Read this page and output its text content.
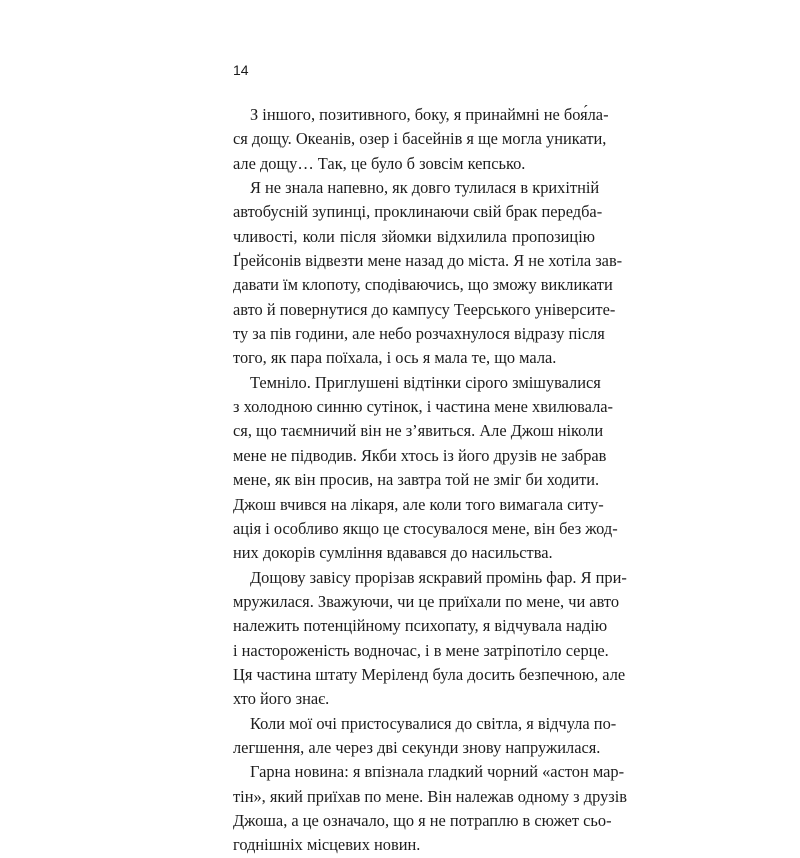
14
З іншого, позитивного, боку, я принаймні не боя́ла-
ся дощу. Океанів, озер і басейнів я ще могла уникати,
але дощу… Так, це було б зовсім кепсько.
Я не знала напевно, як довго тулилася в крихітній
автобусній зупинці, проклинаючи свій брак передба-
чливості, коли після зйомки відхилила пропозицію
Ґрейсонів відвезти мене назад до міста. Я не хотіла зав-
давати їм клопоту, сподіваючись, що зможу викликати
авто й повернутися до кампусу Теерського університе-
ту за пів години, але небо розчахнулося відразу після
того, як пара поїхала, і ось я мала те, що мала.
Темніло. Приглушені відтінки сірого змішувалися
з холодною синню сутінок, і частина мене хвилювала-
ся, що таємничий він не з’явиться. Але Джош ніколи
мене не підводив. Якби хтось із його друзів не забрав
мене, як він просив, на завтра той не зміг би ходити.
Джош вчився на лікаря, але коли того вимагала ситу-
ація і особливо якщо це стосувалося мене, він без жод-
них докорів сумління вдавався до насильства.
Дощову завісу прорізав яскравий промінь фар. Я при-
мружилася. Зважуючи, чи це приїхали по мене, чи авто
належить потенційному психопату, я відчувала надію
і настороженість водночас, і в мене затріпотіло серце.
Ця частина штату Меріленд була досить безпечною, але
хто його знає.
Коли мої очі пристосувалися до світла, я відчула по-
легшення, але через дві секунди знову напружилася.
Гарна новина: я впізнала гладкий чорний «астон мар-
тін», який приїхав по мене. Він належав одному з друзів
Джоша, а це означало, що я не потраплю в сюжет сьо-
годнішніх місцевих новин.
